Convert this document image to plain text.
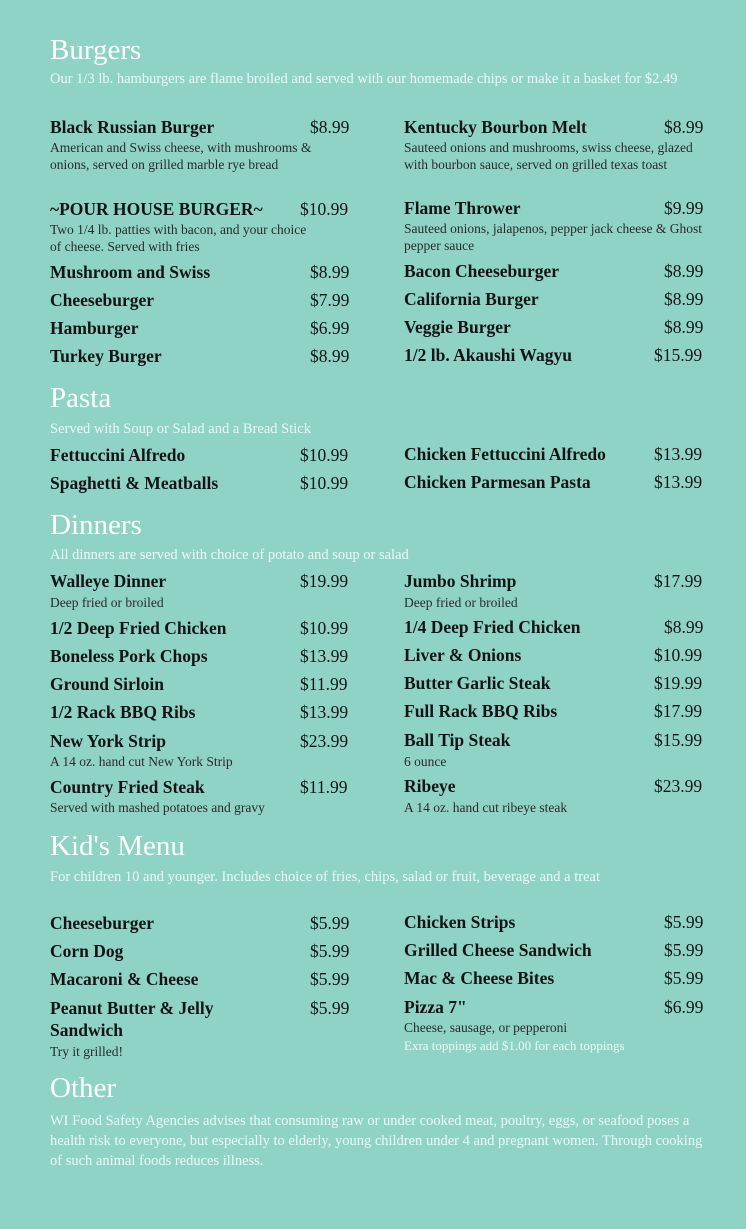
Burgers
Our 1/3 lb. hamburgers are flame broiled and served with our homemade chips or make it a basket for $2.49
Black Russian Burger	$8.99
American and Swiss cheese, with mushrooms & onions, served on grilled marble rye bread
~POUR HOUSE BURGER~ $10.99
Two 1/4 lb. patties with bacon, and your choice of cheese. Served with fries
Mushroom and Swiss	$8.99
Cheeseburger	$7.99
Hamburger	$6.99
Turkey Burger	$8.99
Kentucky Bourbon Melt	$8.99
Sauteed onions and mushrooms, swiss cheese, glazed with bourbon sauce, served on grilled texas toast
Flame Thrower	$9.99
Sauteed onions, jalapenos, pepper jack cheese & Ghost pepper sauce
Bacon Cheeseburger	$8.99
California Burger	$8.99
Veggie Burger	$8.99
1/2 lb. Akaushi Wagyu	$15.99
Pasta
Served with Soup or Salad and a Bread Stick
Fettuccini Alfredo	$10.99	Chicken Fettuccini Alfredo	$13.99
Spaghetti & Meatballs	$10.99	Chicken Parmesan Pasta	$13.99
Dinners
All dinners are served with choice of potato and soup or salad
Walleye Dinner	$19.99
Deep fried or broiled
1/2 Deep Fried Chicken	$10.99
Boneless Pork Chops	$13.99
Ground Sirloin	$11.99
1/2 Rack BBQ Ribs	$13.99
New York Strip	$23.99
A 14 oz. hand cut New York Strip
Country Fried Steak	$11.99
Served with mashed potatoes and gravy
Jumbo Shrimp	$17.99
Deep fried or broiled
1/4 Deep Fried Chicken	$8.99
Liver & Onions	$10.99
Butter Garlic Steak	$19.99
Full Rack BBQ Ribs	$17.99
Ball Tip Steak	$15.99
6 ounce
Ribeye	$23.99
A 14 oz. hand cut ribeye steak
Kid's Menu
For children 10 and younger. Includes choice of fries, chips, salad or fruit, beverage and a treat
Cheeseburger	$5.99
Corn Dog	$5.99
Macaroni & Cheese	$5.99
Peanut Butter & Jelly	$5.99
Sandwich
Try it grilled!
Chicken Strips	$5.99
Grilled Cheese Sandwich	$5.99
Mac & Cheese Bites	$5.99
Pizza 7"	$6.99
Cheese, sausage, or pepperoni
Exra toppings add $1.00 for each toppings
Other
WI Food Safety Agencies advises that consuming raw or under cooked meat, poultry, eggs, or seafood poses a health risk to everyone, but especially to elderly, young children under 4 and pregnant women. Through cooking of such animal foods reduces illness.
